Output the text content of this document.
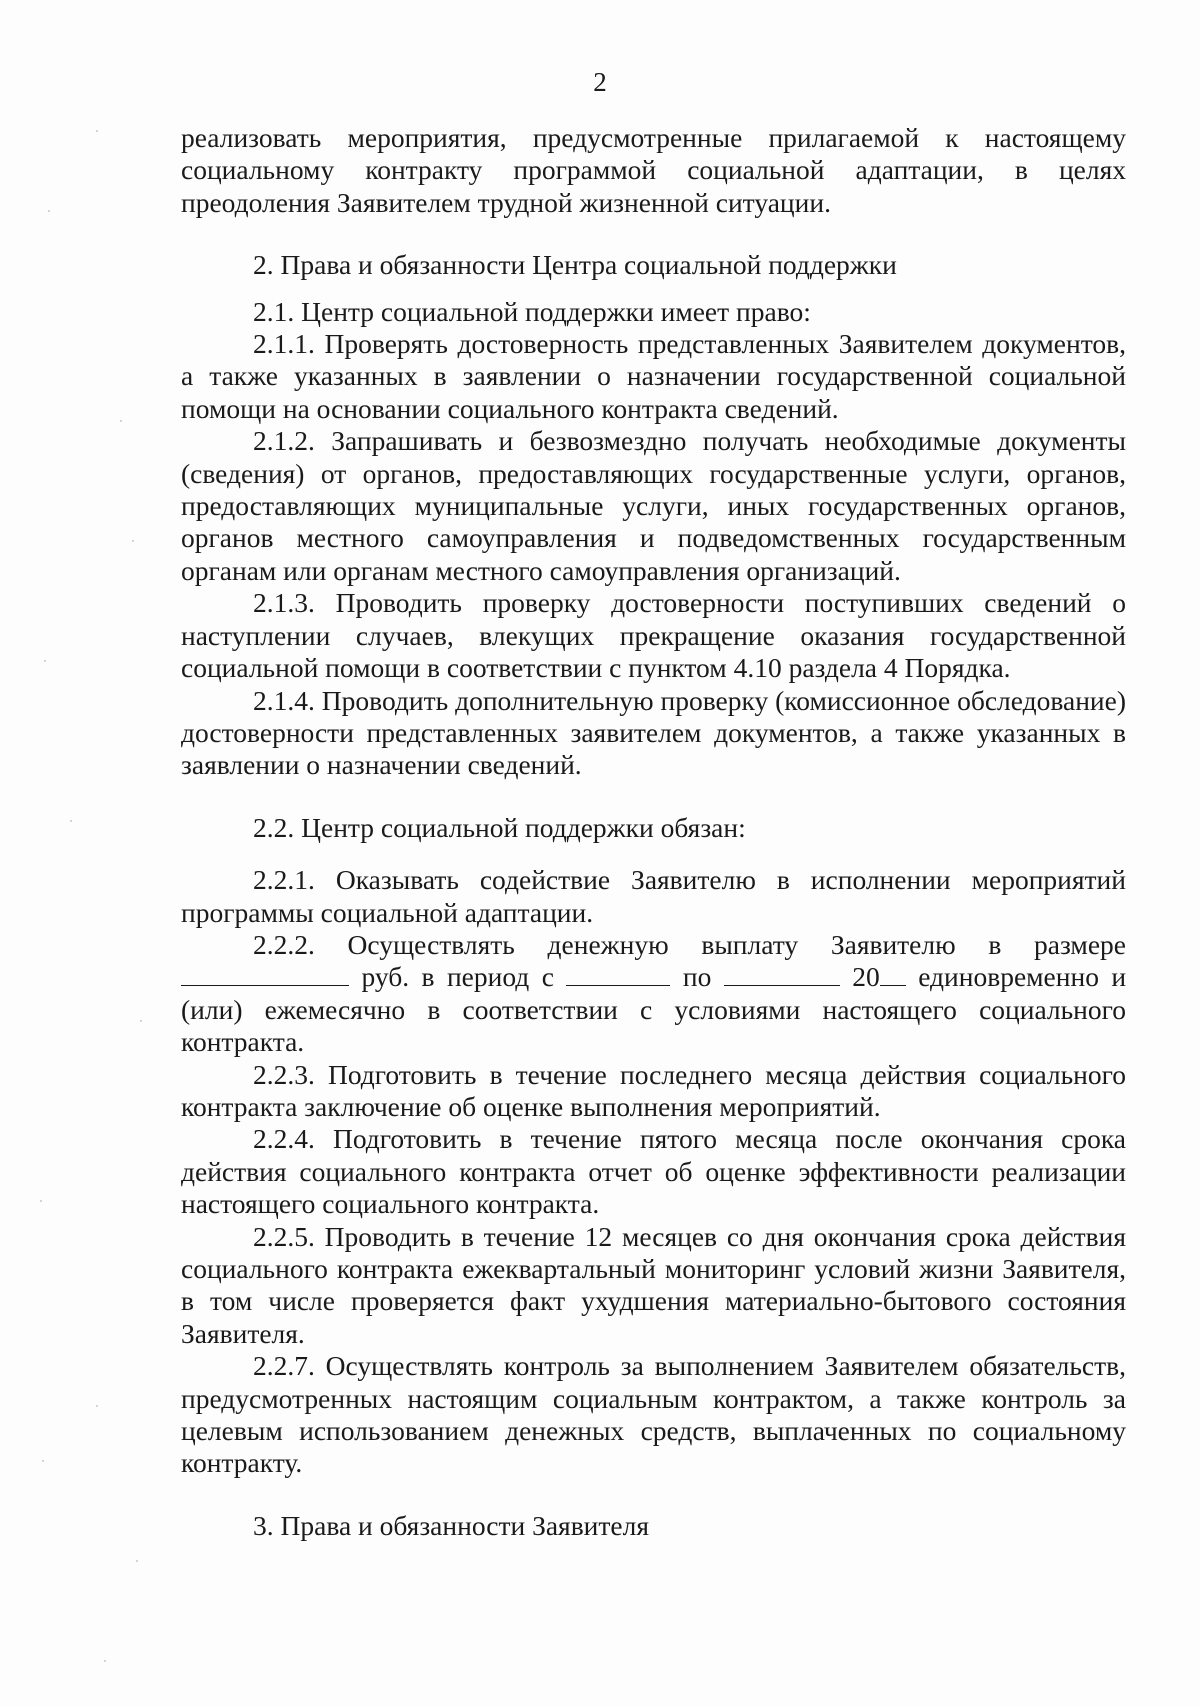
2

реализовать мероприятия, предусмотренные прилагаемой к настоящему социальному контракту программой социальной адаптации, в целях преодоления Заявителем трудной жизненной ситуации.

2. Права и обязанности Центра социальной поддержки

2.1. Центр социальной поддержки имеет право:

2.1.1. Проверять достоверность представленных Заявителем документов, а также указанных в заявлении о назначении государственной социальной помощи на основании социального контракта сведений.

2.1.2. Запрашивать и безвозмездно получать необходимые документы (сведения) от органов, предоставляющих государственные услуги, органов, предоставляющих муниципальные услуги, иных государственных органов, органов местного самоуправления и подведомственных государственным органам или органам местного самоуправления организаций.

2.1.3. Проводить проверку достоверности поступивших сведений о наступлении случаев, влекущих прекращение оказания государственной социальной помощи в соответствии с пунктом 4.10 раздела 4 Порядка.

2.1.4. Проводить дополнительную проверку (комиссионное обследование) достоверности представленных заявителем документов, а также указанных в заявлении о назначении сведений.

2.2. Центр социальной поддержки обязан:

2.2.1. Оказывать содействие Заявителю в исполнении мероприятий программы социальной адаптации.

2.2.2. Осуществлять денежную выплату Заявителю в размере  руб. в период с	по	20 единовременно и (или) ежемесячно в соответствии с условиями настоящего социального контракта.

2.2.3. Подготовить в течение последнего месяца действия социального контракта заключение об оценке выполнения мероприятий.

2.2.4. Подготовить в течение пятого месяца после окончания срока действия социального контракта отчет об оценке эффективности реализации настоящего социального контракта.

2.2.5. Проводить в течение 12 месяцев со дня окончания срока действия социального контракта ежеквартальный мониторинг условий жизни Заявителя, в том числе проверяется факт ухудшения материально-бытового состояния Заявителя.

2.2.7. Осуществлять контроль за выполнением Заявителем обязательств, предусмотренных настоящим социальным контрактом, а также контроль за целевым использованием денежных средств, выплаченных по социальному контракту.

3. Права и обязанности Заявителя
